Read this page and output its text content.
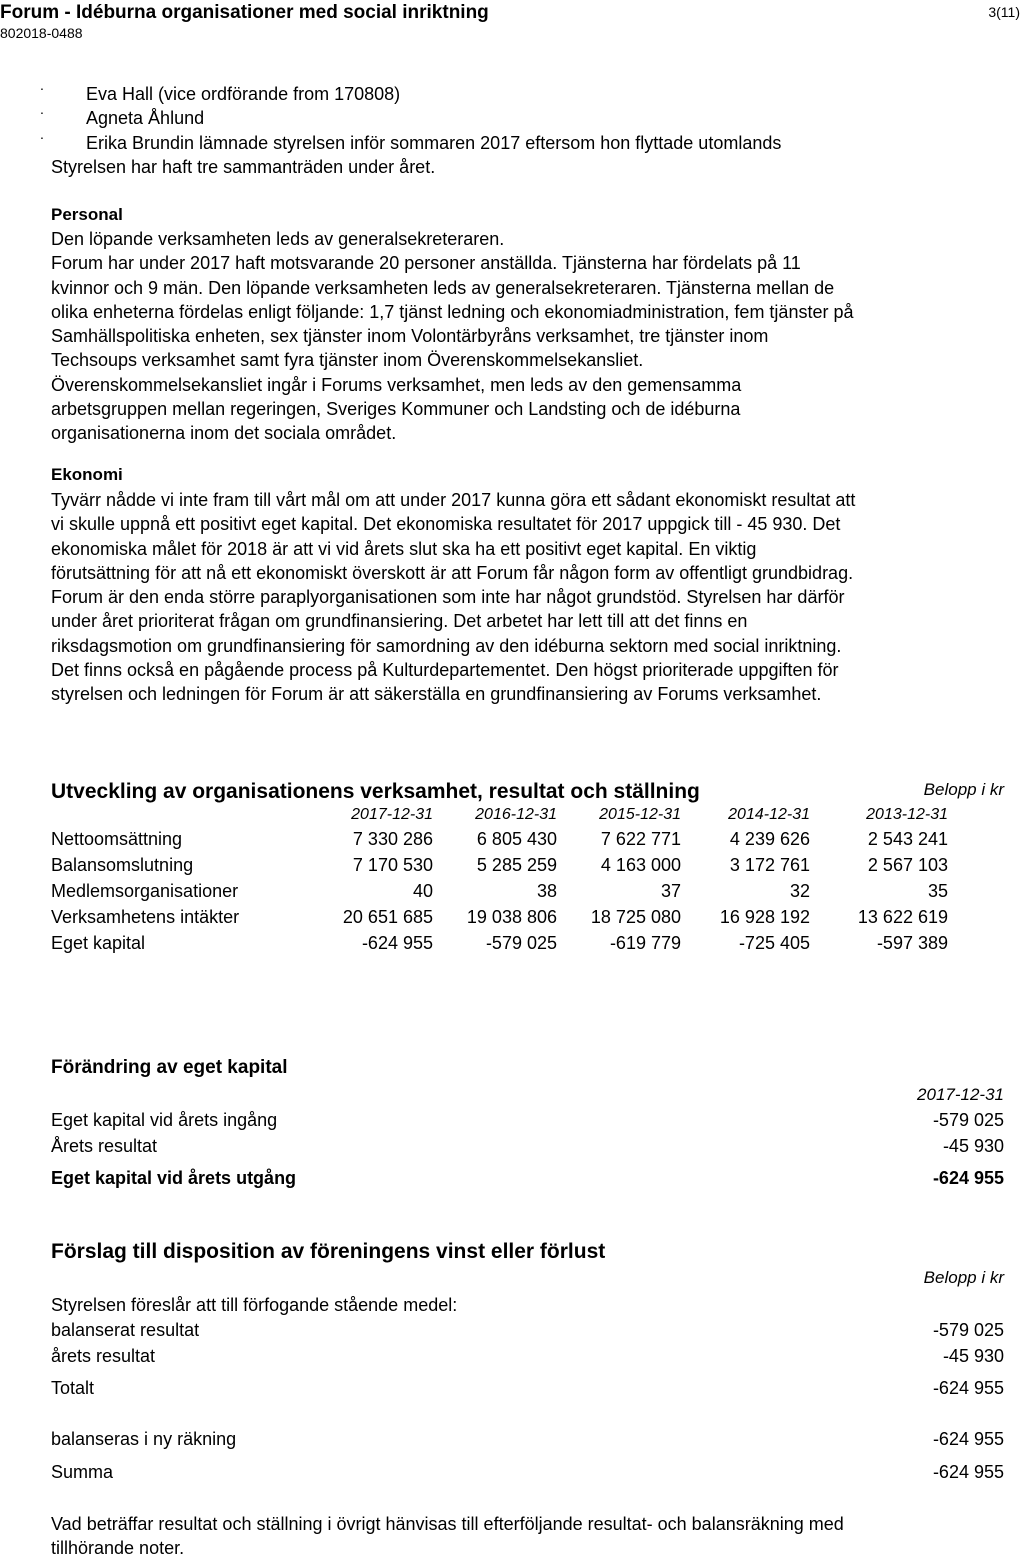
Forum - Idéburna organisationer med social inriktning
802018-0488
3(11)
· Eva Hall (vice ordförande from 170808)
· Agneta Åhlund
· Erika Brundin lämnade styrelsen inför sommaren 2017 eftersom hon flyttade utomlands
Styrelsen har haft tre sammanträden under året.
Personal
Den löpande verksamheten leds av generalsekreteraren.
Forum har under 2017 haft motsvarande 20 personer anställda. Tjänsterna har fördelats på 11
kvinnor och 9 män. Den löpande verksamheten leds av generalsekreteraren. Tjänsterna mellan de
olika enheterna fördelas enligt följande: 1,7 tjänst ledning och ekonomiadministration, fem tjänster på
Samhällspolitiska enheten, sex tjänster inom Volontärbyråns verksamhet, tre tjänster inom
Techsoups verksamhet samt fyra tjänster inom Överenskommelsekansliet.
Överenskommelsekansliet ingår i Forums verksamhet, men leds av den gemensamma
arbetsgruppen mellan regeringen, Sveriges Kommuner och Landsting och de idéburna
organisationerna inom det sociala området.
Ekonomi
Tyvärr nådde vi inte fram till vårt mål om att under 2017 kunna göra ett sådant ekonomiskt resultat att
vi skulle uppnå ett positivt eget kapital. Det ekonomiska resultatet för 2017 uppgick till - 45 930. Det
ekonomiska målet för 2018 är att vi vid årets slut ska ha ett positivt eget kapital. En viktig
förutsättning för att nå ett ekonomiskt överskott är att Forum får någon form av offentligt grundbidrag.
Forum är den enda större paraplyorganisationen som inte har något grundstöd. Styrelsen har därför
under året prioriterat frågan om grundfinansiering. Det arbetet har lett till att det finns en
riksdagsmotion om grundfinansiering för samordning av den idéburna sektorn med social inriktning.
Det finns också en pågående process på Kulturdepartementet. Den högst prioriterade uppgiften för
styrelsen och ledningen för Forum är att säkerställa en grundfinansiering av Forums verksamhet.
Utveckling av organisationens verksamhet, resultat och ställning	Belopp i kr
	2017-12-31	2016-12-31	2015-12-31	2014-12-31	2013-12-31
Nettoomsättning	7 330 286	6 805 430	7 622 771	4 239 626	2 543 241
Balansomslutning	7 170 530	5 285 259	4 163 000	3 172 761	2 567 103
Medlemsorganisationer	40	38	37	32	35
Verksamhetens intäkter	20 651 685	19 038 806	18 725 080	16 928 192	13 622 619
Eget kapital	-624 955	-579 025	-619 779	-725 405	-597 389
Förändring av eget kapital
2017-12-31
Eget kapital vid årets ingång	-579 025
Årets resultat	-45 930
Eget kapital vid årets utgång	-624 955
Förslag till disposition av föreningens vinst eller förlust
Belopp i kr
Styrelsen föreslår att till förfogande stående medel:
balanserat resultat	-579 025
årets resultat	-45 930
Totalt	-624 955
balanseras i ny räkning	-624 955
Summa	-624 955
Vad beträffar resultat och ställning i övrigt hänvisas till efterföljande resultat- och balansräkning med
tillhörande noter.
